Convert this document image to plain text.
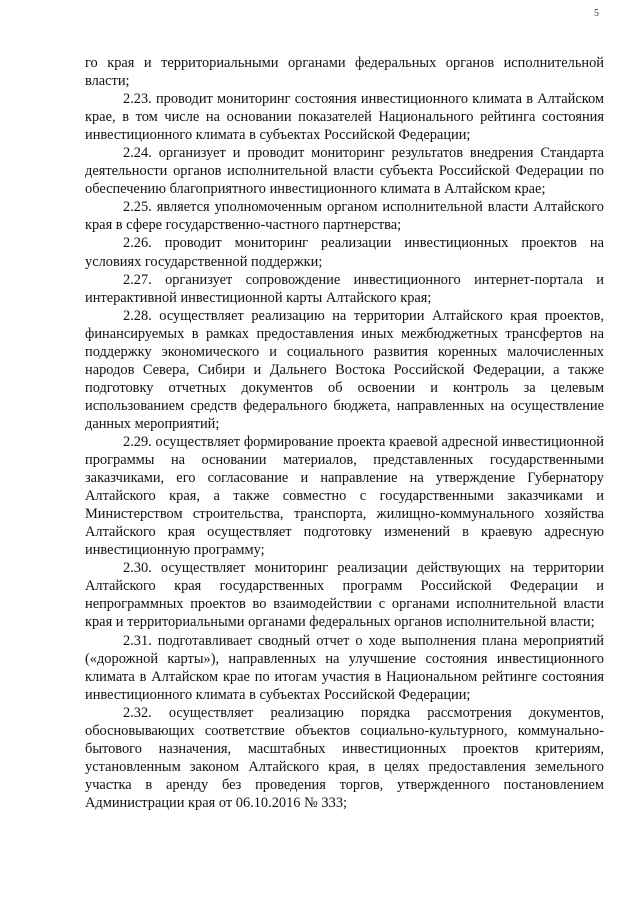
5

го края и территориальными органами федеральных органов исполнительной власти;

2.23. проводит мониторинг состояния инвестиционного климата в Алтайском крае, в том числе на основании показателей Национального рейтинга состояния инвестиционного климата в субъектах Российской Федерации;

2.24. организует и проводит мониторинг результатов внедрения Стандарта деятельности органов исполнительной власти субъекта Российской Федерации по обеспечению благоприятного инвестиционного климата в Алтайском крае;

2.25. является уполномоченным органом исполнительной власти Алтайского края в сфере государственно-частного партнерства;

2.26. проводит мониторинг реализации инвестиционных проектов на условиях государственной поддержки;

2.27. организует сопровождение инвестиционного интернет-портала и интерактивной инвестиционной карты Алтайского края;

2.28. осуществляет реализацию на территории Алтайского края проектов, финансируемых в рамках предоставления иных межбюджетных трансфертов на поддержку экономического и социального развития коренных малочисленных народов Севера, Сибири и Дальнего Востока Российской Федерации, а также подготовку отчетных документов об освоении и контроль за целевым использованием средств федерального бюджета, направленных на осуществление данных мероприятий;

2.29. осуществляет формирование проекта краевой адресной инвестиционной программы на основании материалов, представленных государственными заказчиками, его согласование и направление на утверждение Губернатору Алтайского края, а также совместно с государственными заказчиками и Министерством строительства, транспорта, жилищно-коммунального хозяйства Алтайского края осуществляет подготовку изменений в краевую адресную инвестиционную программу;

2.30. осуществляет мониторинг реализации действующих на территории Алтайского края государственных программ Российской Федерации и непрограммных проектов во взаимодействии с органами исполнительной власти края и территориальными органами федеральных органов исполнительной власти;

2.31. подготавливает сводный отчет о ходе выполнения плана мероприятий («дорожной карты»), направленных на улучшение состояния инвестиционного климата в Алтайском крае по итогам участия в Национальном рейтинге состояния инвестиционного климата в субъектах Российской Федерации;

2.32. осуществляет реализацию порядка рассмотрения документов, обосновывающих соответствие объектов социально-культурного, коммунально-бытового назначения, масштабных инвестиционных проектов критериям, установленным законом Алтайского края, в целях предоставления земельного участка в аренду без проведения торгов, утвержденного постановлением Администрации края от 06.10.2016 № 333;
